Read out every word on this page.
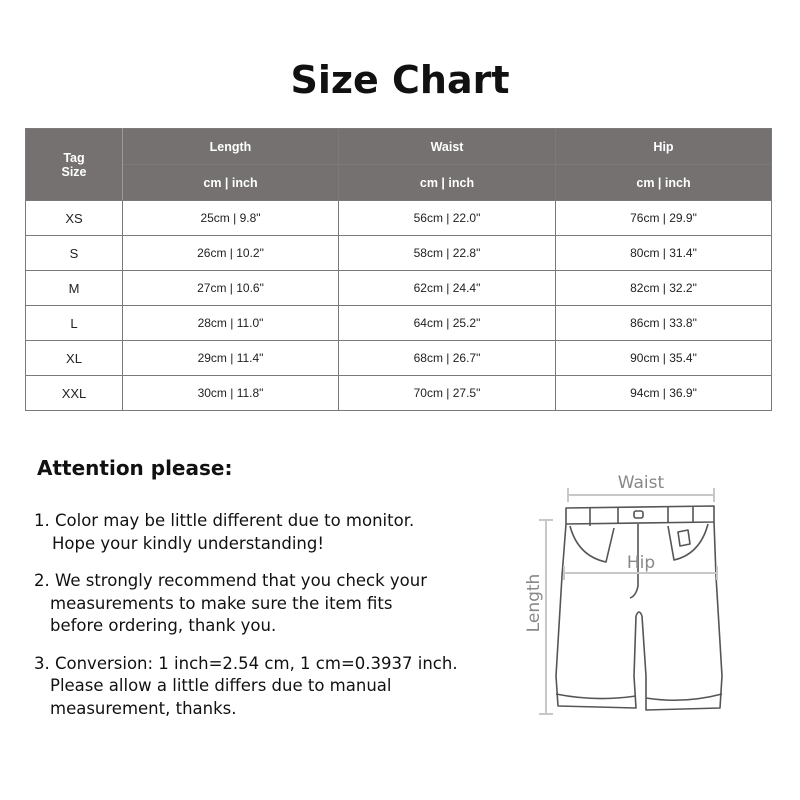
Size Chart
Tag
Size	Length	Waist	Hip
	cm | inch	cm | inch	cm | inch
XS	25cm | 9.8"	56cm | 22.0"	76cm | 29.9"
S	26cm | 10.2"	58cm | 22.8"	80cm | 31.4"
M	27cm | 10.6"	62cm | 24.4"	82cm | 32.2"
L	28cm | 11.0"	64cm | 25.2"	86cm | 33.8"
XL	29cm | 11.4"	68cm | 26.7"	90cm | 35.4"
XXL	30cm | 11.8"	70cm | 27.5"	94cm | 36.9"
Attention please:
1. Color may be little different due to monitor.
Hope your kindly understanding!
2. We strongly recommend that you check your
measurements to make sure the item fits
before ordering, thank you.
3. Conversion: 1 inch=2.54 cm, 1 cm=0.3937 inch.
Please allow a little differs due to manual
measurement, thanks.
Waist
Length
Hip
